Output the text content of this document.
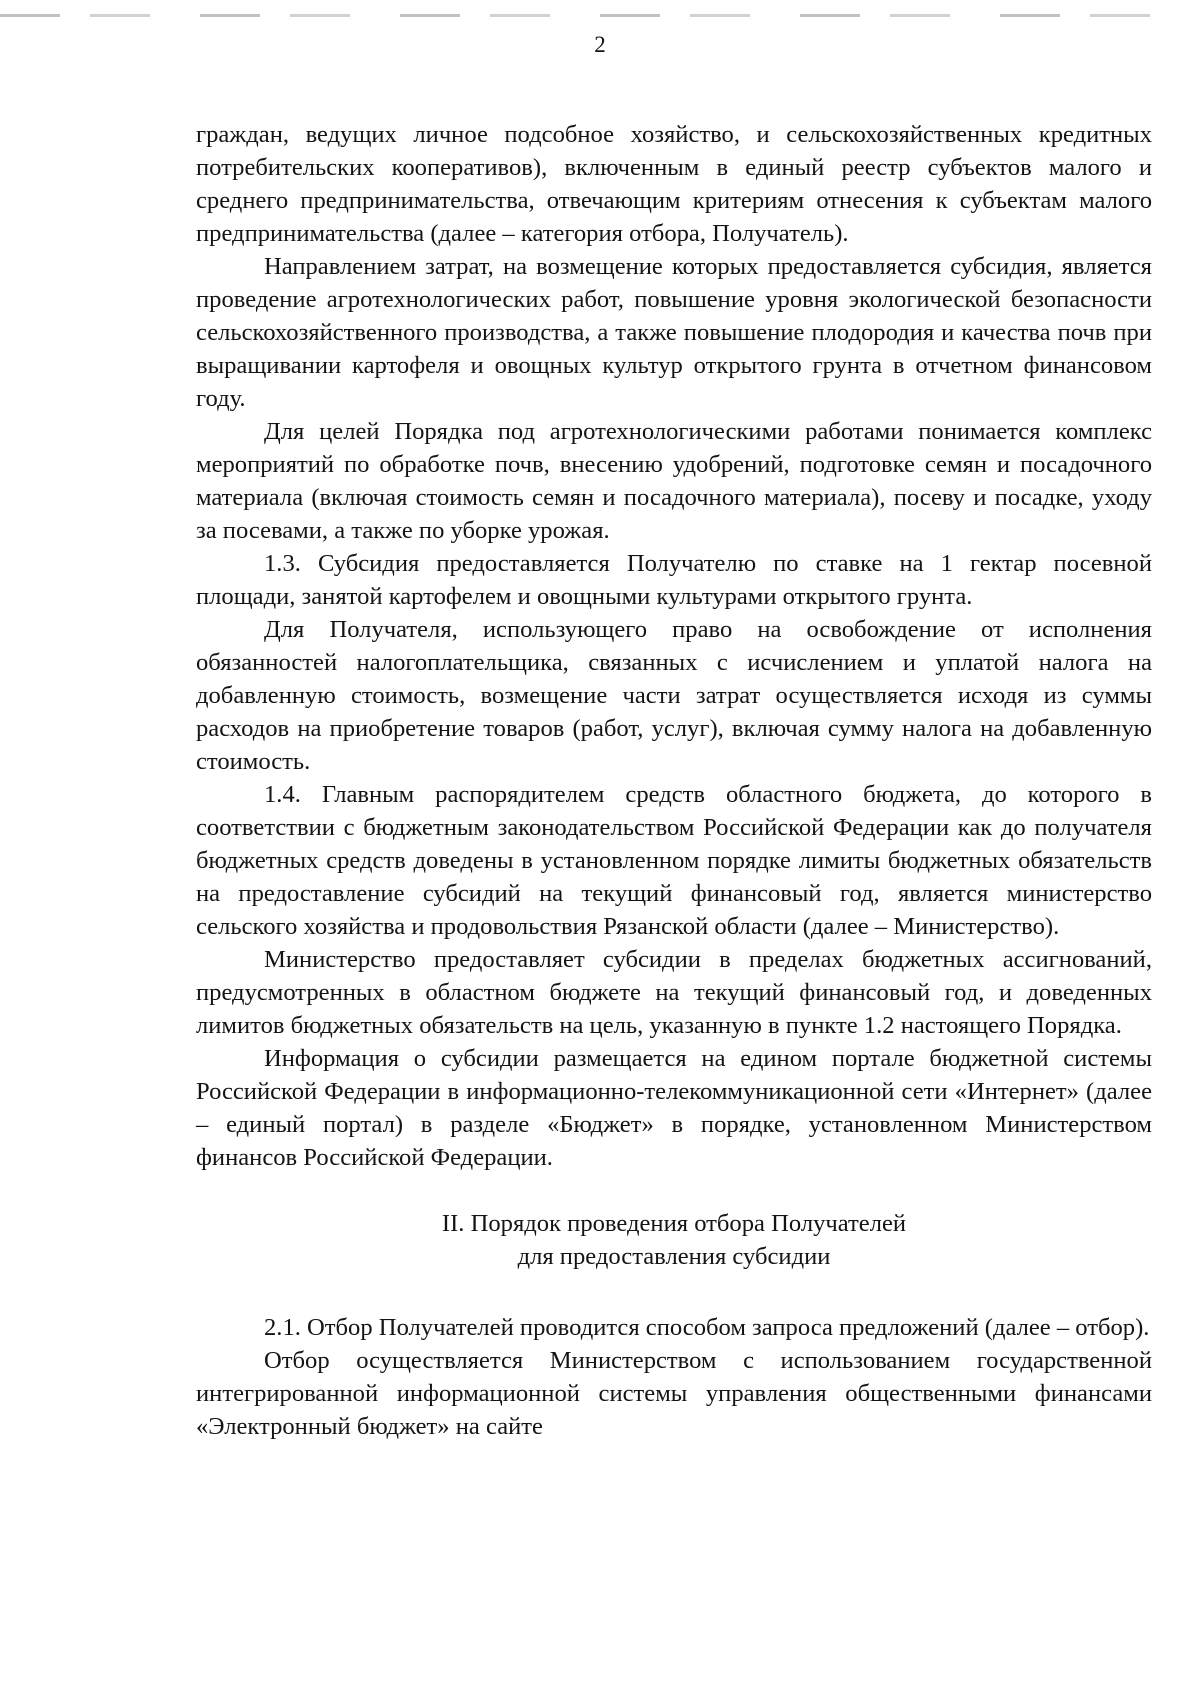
2

граждан, ведущих личное подсобное хозяйство, и сельскохозяйственных кредитных потребительских кооперативов), включенным в единый реестр субъектов малого и среднего предпринимательства, отвечающим критериям отнесения к субъектам малого предпринимательства (далее – категория отбора, Получатель).

Направлением затрат, на возмещение которых предоставляется субсидия, является проведение агротехнологических работ, повышение уровня экологической безопасности сельскохозяйственного производства, а также повышение плодородия и качества почв при выращивании картофеля и овощных культур открытого грунта в отчетном финансовом году.

Для целей Порядка под агротехнологическими работами понимается комплекс мероприятий по обработке почв, внесению удобрений, подготовке семян и посадочного материала (включая стоимость семян и посадочного материала), посеву и посадке, уходу за посевами, а также по уборке урожая.

1.3. Субсидия предоставляется Получателю по ставке на 1 гектар посевной площади, занятой картофелем и овощными культурами открытого грунта.

Для Получателя, использующего право на освобождение от исполнения обязанностей налогоплательщика, связанных с исчислением и уплатой налога на добавленную стоимость, возмещение части затрат осуществляется исходя из суммы расходов на приобретение товаров (работ, услуг), включая сумму налога на добавленную стоимость.

1.4. Главным распорядителем средств областного бюджета, до которого в соответствии с бюджетным законодательством Российской Федерации как до получателя бюджетных средств доведены в установленном порядке лимиты бюджетных обязательств на предоставление субсидий на текущий финансовый год, является министерство сельского хозяйства и продовольствия Рязанской области (далее – Министерство).

Министерство предоставляет субсидии в пределах бюджетных ассигнований, предусмотренных в областном бюджете на текущий финансовый год, и доведенных лимитов бюджетных обязательств на цель, указанную в пункте 1.2 настоящего Порядка.

Информация о субсидии размещается на едином портале бюджетной системы Российской Федерации в информационно-телекоммуникационной сети «Интернет» (далее – единый портал) в разделе «Бюджет» в порядке, установленном Министерством финансов Российской Федерации.

II. Порядок проведения отбора Получателей
для предоставления субсидии

2.1. Отбор Получателей проводится способом запроса предложений (далее – отбор).

Отбор осуществляется Министерством с использованием государственной интегрированной информационной системы управления общественными финансами «Электронный бюджет» на сайте
